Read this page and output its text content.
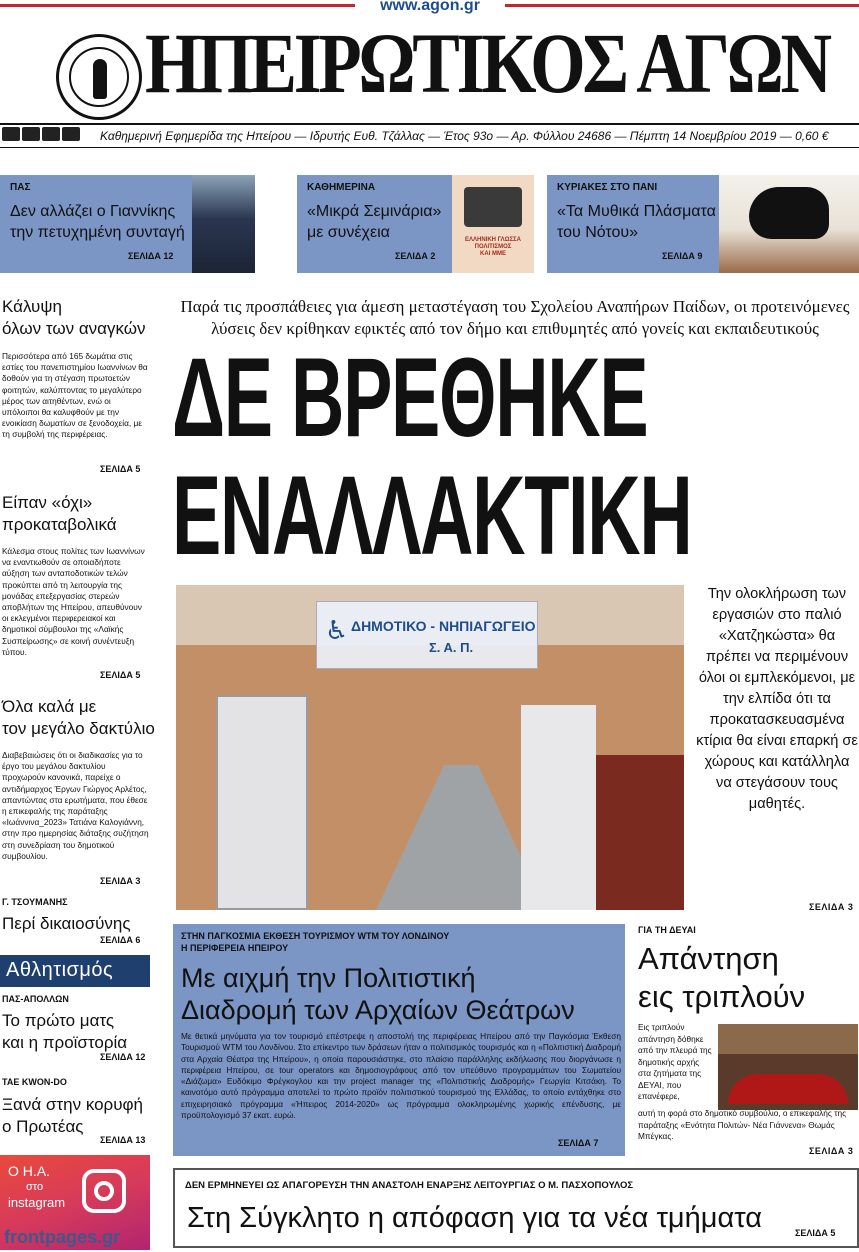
www.agon.gr
ΗΠΕΙΡΩΤΙΚΟΣ ΑΓΩΝ
Καθημερινή Εφημερίδα της Ηπείρου — Ιδρυτής Ευθ. Τζάλλας — Έτος 93ο — Αρ. Φύλλου 24686 — Πέμπτη 14 Νοεμβρίου 2019 — 0,60 €
ΠΑΣ
Δεν αλλάζει ο Γιαννίκης
την πετυχημένη συνταγή
ΣΕΛΙΔΑ 12
ΚΑΘΗΜΕΡΙΝΑ
«Μικρά Σεμινάρια»
με συνέχεια
ΣΕΛΙΔΑ 2
ΕΛΛΗΝΙΚΗ ΓΛΩΣΣΑ
ΠΟΛΙΤΙΣΜΟΣ
ΚΑΙ ΜΜΕ
ΚΥΡΙΑΚΕΣ ΣΤΟ ΠΑΝΙ
«Τα Μυθικά Πλάσματα
του Νότου»
ΣΕΛΙΔΑ 9
Κάλυψη
όλων των αναγκών
Περισσότερα από 165 δωμάτια στις εστίες του πανεπιστημίου Ιωαννίνων θα δοθούν για τη στέγαση πρωτοετών φοιτητών, καλύπτοντας το μεγαλύτερο μέρος των αιτηθέντων, ενώ οι υπόλοιποι θα καλυφθούν με την ενοικίαση δωματίων σε ξενοδοχεία, με τη συμβολή της περιφέρειας.
ΣΕΛΙΔΑ 5
Είπαν «όχι»
προκαταβολικά
Κάλεσμα στους πολίτες των Ιωαννίνων να εναντιωθούν σε οποιαδήποτε αύξηση των ανταποδοτικών τελών προκύπτει από τη λειτουργία της μονάδας επεξεργασίας στερεών αποβλήτων της Ηπείρου, απευθύνουν οι εκλεγμένοι περιφερειακοί και δημοτικοί σύμβουλοι της «Λαϊκής Συσπείρωσης» σε κοινή συνέντευξη τύπου.
ΣΕΛΙΔΑ 5
Όλα καλά με
τον μεγάλο δακτύλιο
Διαβεβαιώσεις ότι οι διαδικασίες για το έργο του μεγάλου δακτυλίου προχωρούν κανονικά, παρείχε ο αντιδήμαρχος Έργων Γιώργος Αρλέτος, απαντώντας στα ερωτήματα, που έθεσε η επικεφαλής της παράταξης «Ιωάννινα_2023» Τατιάνα Καλογιάννη, στην προ ημερησίας διάταξης συζήτηση στη συνεδρίαση του δημοτικού συμβουλίου.
ΣΕΛΙΔΑ 3
Γ. ΤΣΟΥΜΑΝΗΣ
Περί δικαιοσύνης
ΣΕΛΙΔΑ 6
Αθλητισμός
ΠΑΣ-ΑΠΟΛΛΩΝ
Το πρώτο ματς
και η προϊστορία
ΣΕΛΙΔΑ 12
ΤΑΕ KWON-DO
Ξανά στην κορυφή
ο Πρωτέας
ΣΕΛΙΔΑ 13
Ο Η.Α.
στο
instagram
frontpages.gr
Παρά τις προσπάθειες για άμεση μεταστέγαση του Σχολείου Αναπήρων Παίδων, οι προτεινόμενες λύσεις δεν κρίθηκαν εφικτές από τον δήμο και επιθυμητές από γονείς και εκπαιδευτικούς
ΔΕ ΒΡΕΘΗΚΕ
ΕΝΑΛΛΑΚΤΙΚΗ
♿ ΔΗΜΟΤΙΚΟ - ΝΗΠΙΑΓΩΓΕΙΟ
Σ. Α. Π.
Την ολοκλήρωση των εργασιών στο παλιό «Χατζηκώστα» θα πρέπει να περιμένουν όλοι οι εμπλεκόμενοι, με την ελπίδα ότι τα προκατασκευασμένα κτίρια θα είναι επαρκή σε χώρους και κατάλληλα να στεγάσουν τους μαθητές.
ΣΕΛΙΔΑ 3
ΣΤΗΝ ΠΑΓΚΟΣΜΙΑ ΕΚΘΕΣΗ ΤΟΥΡΙΣΜΟΥ WTM ΤΟΥ ΛΟΝΔΙΝΟΥ
Η ΠΕΡΙΦΕΡΕΙΑ ΗΠΕΙΡΟΥ
Με αιχμή την Πολιτιστική
Διαδρομή των Αρχαίων Θεάτρων
Με θετικά μηνύματα για τον τουρισμό επέστρεψε η αποστολή της περιφέρειας Ηπείρου από την Παγκόσμια Έκθεση Τουρισμού WTM του Λονδίνου. Στο επίκεντρο των δράσεων ήταν ο πολιτισμικός τουρισμός και η «Πολιτιστική Διαδρομή στα Αρχαία Θέατρα της Ηπείρου», η οποία παρουσιάστηκε, στο πλαίσιο παράλληλης εκδήλωσης που διοργάνωσε η περιφέρεια Ηπείρου, σε tour operators και δημοσιογράφους από τον υπεύθυνο προγραμμάτων του Σωματείου «Διάζωμα» Ευδόκιμο Φρέγκογλου και την project manager της «Πολιτιστικής Διαδρομής» Γεωργία Κιτσάκη. Το καινοτόμο αυτό πρόγραμμα αποτελεί το πρώτο προϊόν πολιτιστικού τουρισμού της Ελλάδας, το οποίο εντάχθηκε στο επιχειρησιακό πρόγραμμα «Ήπειρος 2014-2020» ως πρόγραμμα ολοκληρωμένης χωρικής επένδυσης, με προϋπολογισμό 37 εκατ. ευρώ.
ΣΕΛΙΔΑ 7
ΓΙΑ ΤΗ ΔΕΥΑΙ
Απάντηση
εις τριπλούν
Εις τριπλούν απάντηση δόθηκε από την πλευρά της δημοτικής αρχής στα ζητήματα της ΔΕΥΑΙ, που επανέφερε,
αυτή τη φορά στο δημοτικό συμβούλιο, ο επικεφαλής της παράταξης «Ενότητα Πολιτών- Νέα Γιάννενα» Θωμάς Μπέγκας.
ΣΕΛΙΔΑ 3
ΔΕΝ ΕΡΜΗΝΕΥΕΙ ΩΣ ΑΠΑΓΟΡΕΥΣΗ ΤΗΝ ΑΝΑΣΤΟΛΗ ΕΝΑΡΞΗΣ ΛΕΙΤΟΥΡΓΙΑΣ Ο Μ. ΠΑΣΧΟΠΟΥΛΟΣ
Στη Σύγκλητο η απόφαση για τα νέα τμήματα	ΣΕΛΙΔΑ 5
